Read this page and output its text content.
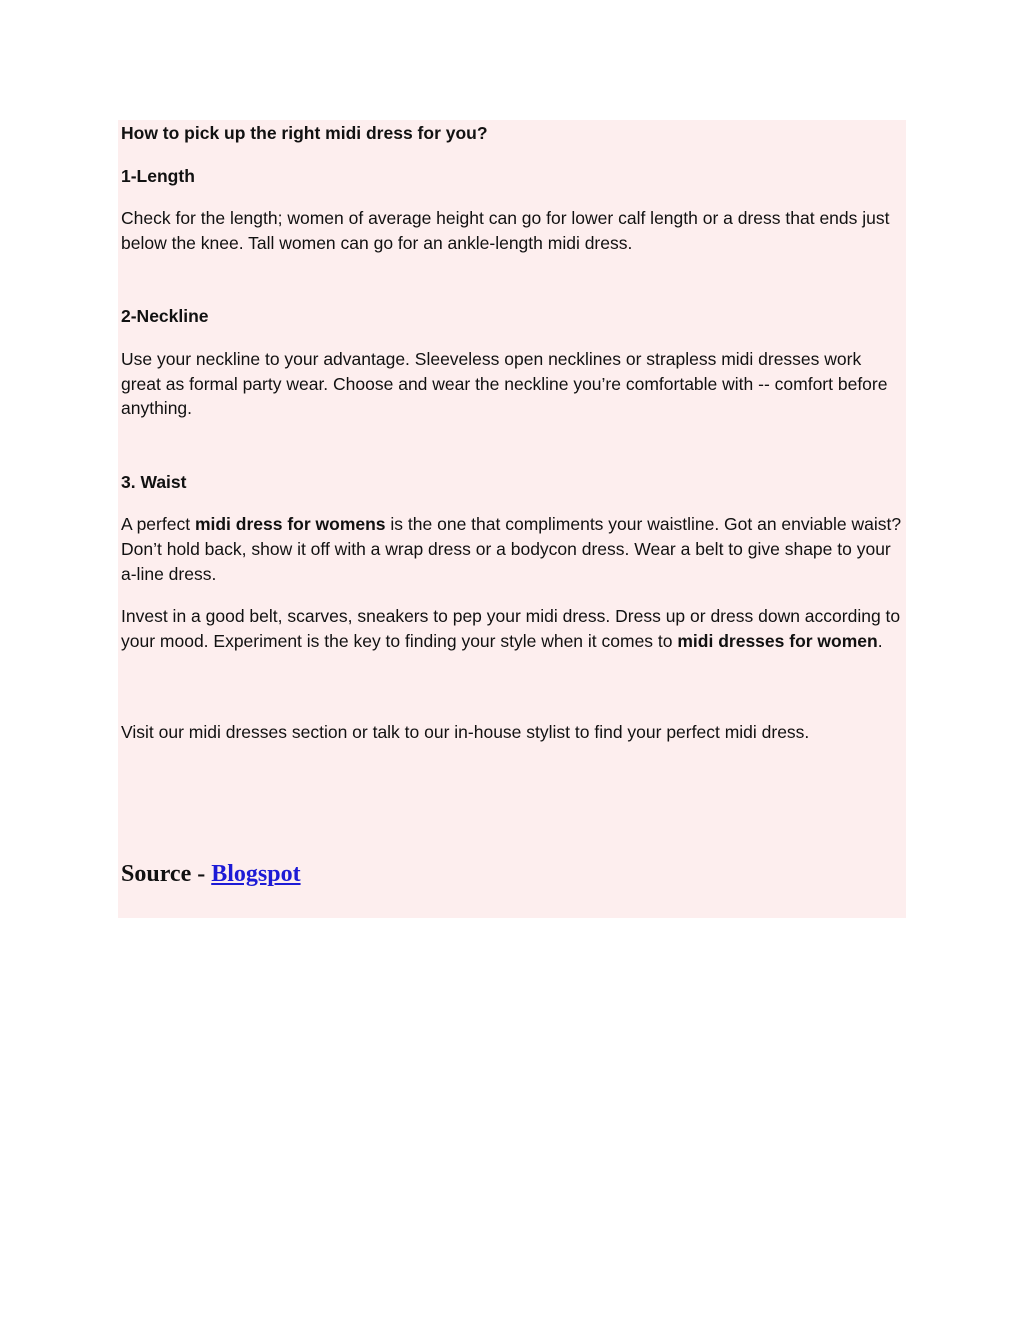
How to pick up the right midi dress for you?

1-Length

Check for the length; women of average height can go for lower calf length or a dress that ends just below the knee. Tall women can go for an ankle-length midi dress.

2-Neckline

Use your neckline to your advantage. Sleeveless open necklines or strapless midi dresses work great as formal party wear. Choose and wear the neckline you’re comfortable with -- comfort before anything.

3. Waist

A perfect midi dress for womens is the one that compliments your waistline. Got an enviable waist? Don’t hold back, show it off with a wrap dress or a bodycon dress. Wear a belt to give shape to your a-line dress.

Invest in a good belt, scarves, sneakers to pep your midi dress. Dress up or dress down according to your mood. Experiment is the key to finding your style when it comes to midi dresses for women.

Visit our midi dresses section or talk to our in-house stylist to find your perfect midi dress.

Source - Blogspot
